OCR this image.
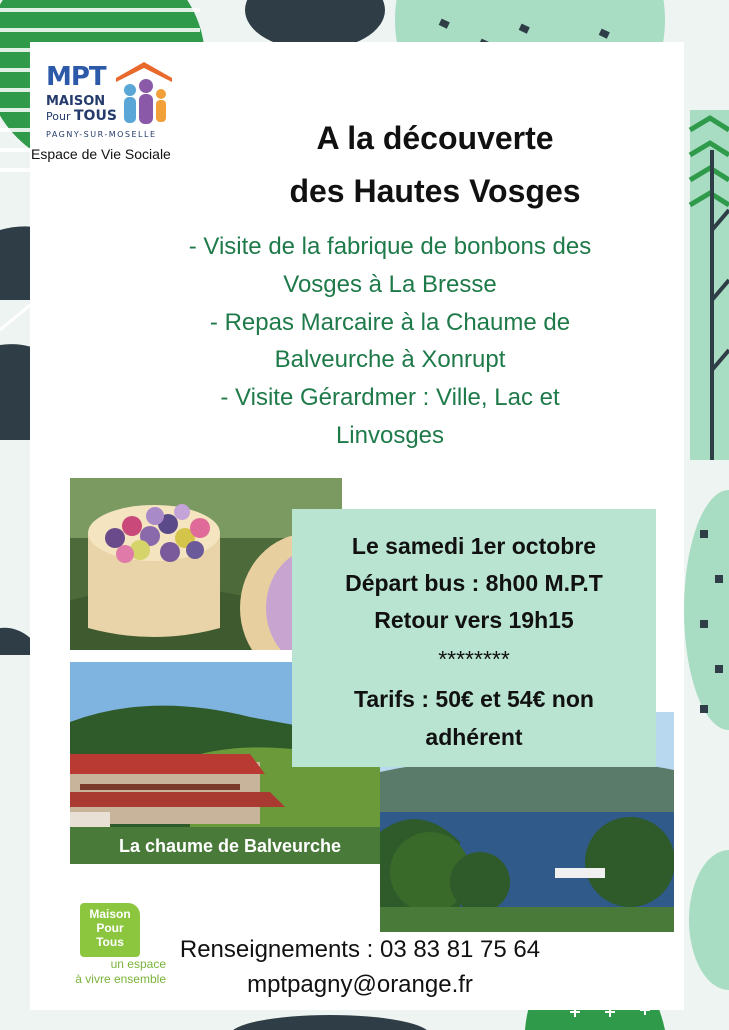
MPT
MAISON
Pour TOUS
PAGNY-SUR-MOSELLE
Espace de Vie Sociale	A la découverte
des Hautes Vosges
- Visite de la fabrique de bonbons des
Vosges à La Bresse
- Repas Marcaire à la Chaume de
Balveurche à Xonrupt
- Visite Gérardmer : Ville, Lac et
Linvosges
La chaume de Balveurche
Le samedi 1er octobre
Départ bus : 8h00 M.P.T
Retour vers 19h15
********
Tarifs : 50€ et 54€ non
adhérent
Maison
Pour
Tous
un espace
à vivre ensemble
Renseignements : 03 83 81 75 64
mptpagny@orange.fr
